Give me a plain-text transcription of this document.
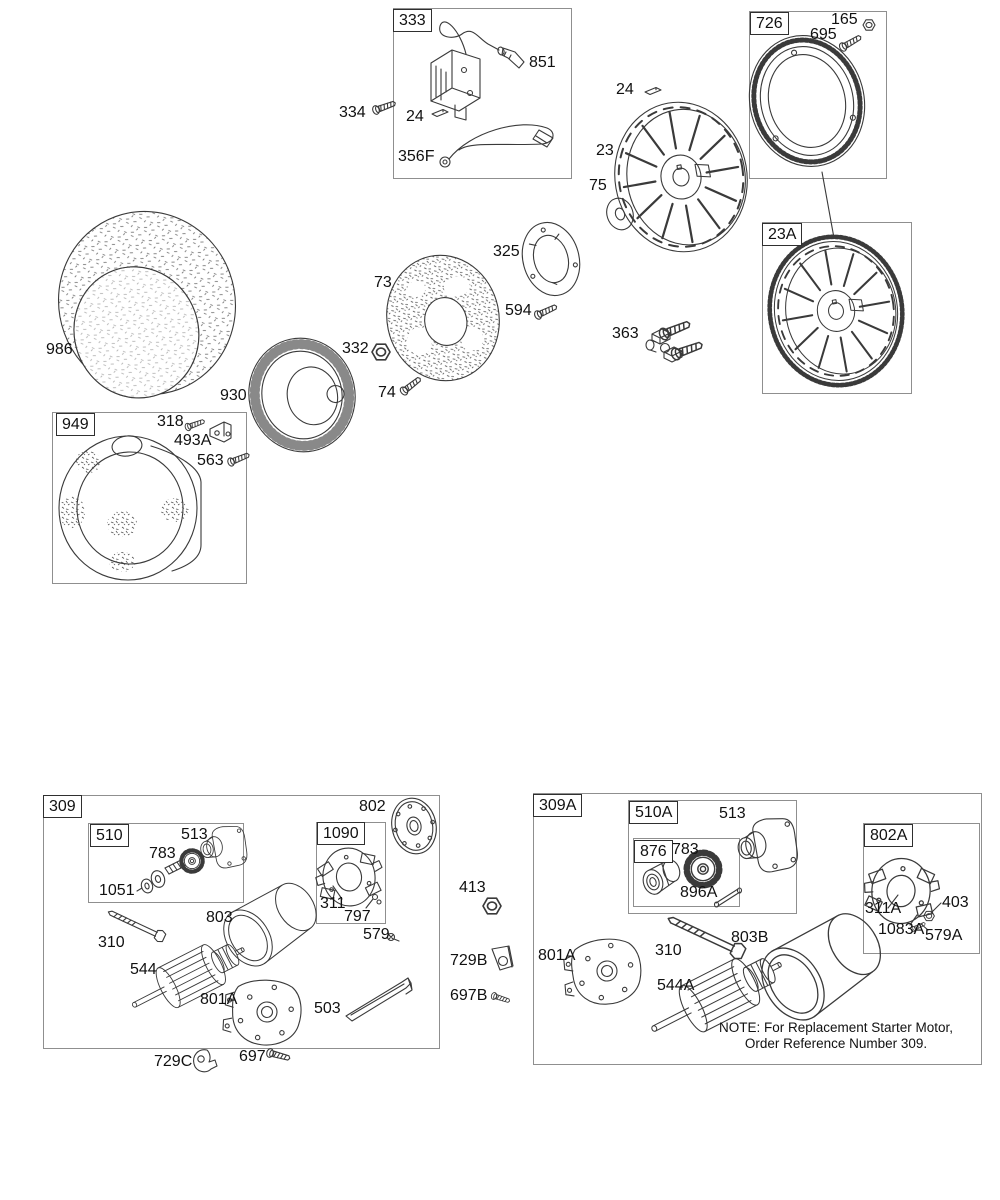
333	726
23A
949
309
510	1090
309A	510A
876
802A
851
24
356F
334
165
695
24
23
75
325
594
73
332
74
986
930
363
318
493A
563
513
783
1051
803
310
544
801A
503
729C	697
802
311
797
579
413
729B
697B
513
783
896A
803B
311A	403
1083A 579A
801A	310
544A
NOTE: For Replacement Starter Motor,
Order Reference Number 309.
